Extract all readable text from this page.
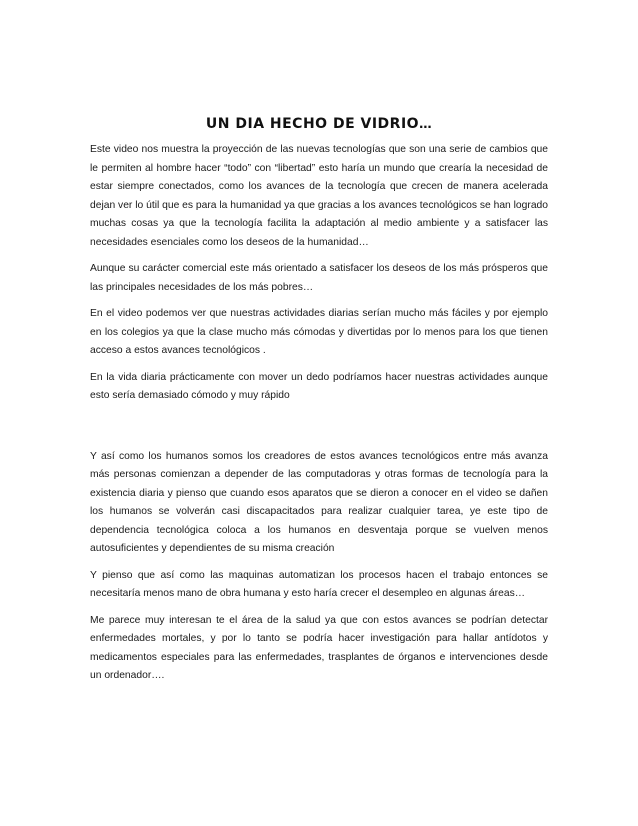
UN DIA HECHO DE VIDRIO…

Este video nos muestra la proyección de las nuevas tecnologías que son una serie de cambios que le permiten al hombre hacer “todo” con “libertad” esto haría un mundo que crearía la necesidad de estar siempre conectados, como los avances de la tecnología que crecen de manera acelerada dejan ver lo útil que es para la humanidad ya que gracias a los avances tecnológicos se han logrado muchas cosas ya que la tecnología facilita la adaptación al medio ambiente y a satisfacer las necesidades esenciales como los deseos de la humanidad…

Aunque su carácter comercial este más orientado a satisfacer los deseos de los más prósperos que las principales necesidades de los más pobres…

En el video podemos ver que nuestras actividades diarias serían mucho más fáciles y por ejemplo en los colegios ya que la clase mucho más cómodas y divertidas por lo menos para los que tienen acceso a estos avances tecnológicos .

En la vida diaria prácticamente con mover un dedo podríamos hacer nuestras actividades aunque esto sería demasiado cómodo y muy rápido

Y así como los humanos somos los creadores de estos avances tecnológicos entre más avanza más personas comienzan a depender de las computadoras y otras formas de tecnología para la existencia diaria y pienso que cuando esos aparatos que se dieron a conocer en el video se dañen los humanos se volverán casi discapacitados para realizar cualquier tarea, ye este tipo de dependencia tecnológica coloca a los humanos en desventaja porque se vuelven menos autosuficientes y dependientes de su misma creación

Y pienso que así como las maquinas automatizan los procesos hacen el trabajo entonces se necesitaría menos mano de obra humana y esto haría crecer el desempleo en algunas áreas…

Me parece muy interesan te el área de la salud ya que con estos avances se podrían detectar enfermedades mortales, y por lo tanto se podría hacer investigación para hallar antídotos y medicamentos especiales para las enfermedades, trasplantes de órganos e intervenciones desde un ordenador….
